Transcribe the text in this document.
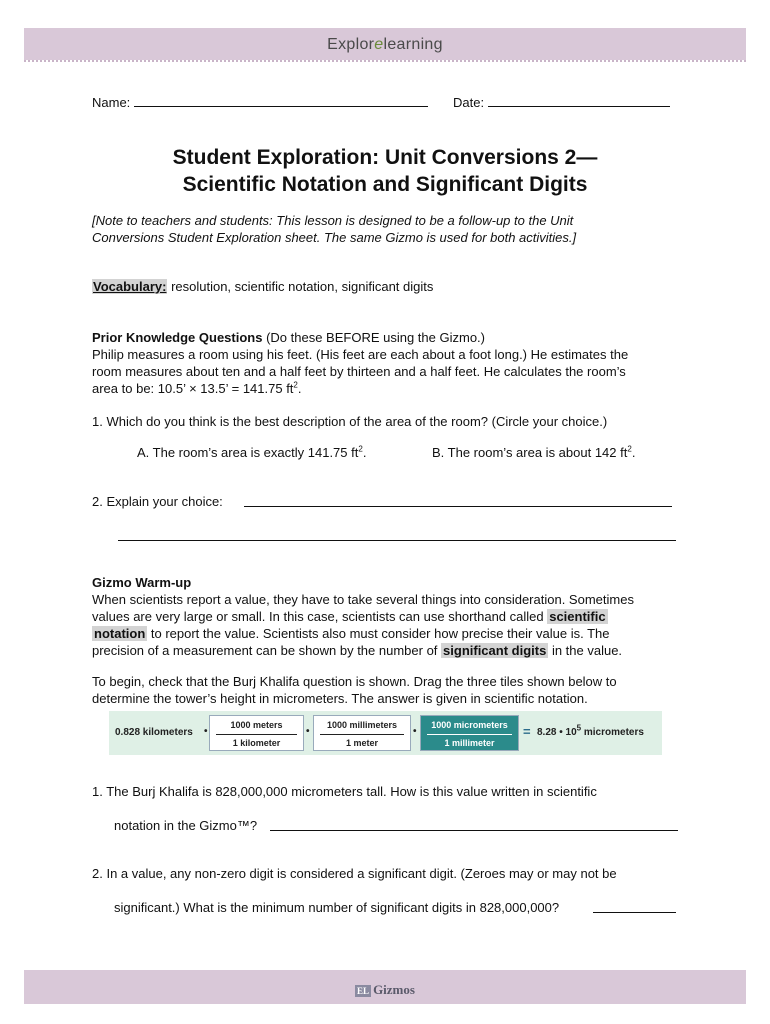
Explorelearning
Name:	Date:
Student Exploration: Unit Conversions 2—
Scientific Notation and Significant Digits
[Note to teachers and students: This lesson is designed to be a follow-up to the Unit
Conversions Student Exploration sheet. The same Gizmo is used for both activities.]
Vocabulary: resolution, scientific notation, significant digits
Prior Knowledge Questions (Do these BEFORE using the Gizmo.)
Philip measures a room using his feet. (His feet are each about a foot long.) He estimates the
room measures about ten and a half feet by thirteen and a half feet. He calculates the room’s
area to be: 10.5’ × 13.5’ = 141.75 $ft^2$.
1. Which do you think is the best description of the area of the room? (Circle your choice.)
A. The room’s area is exactly 141.75 $ft^2$.	B. The room’s area is about 142 $ft^2$.
2. Explain your choice:
Gizmo Warm-up
When scientists report a value, they have to take several things into consideration. Sometimes
values are very large or small. In this case, scientists can use shorthand called scientific
notation to report the value. Scientists also must consider how precise their value is. The
precision of a measurement can be shown by the number of significant digits in the value.
To begin, check that the Burj Khalifa question is shown. Drag the three tiles shown below to
determine the tower’s height in micrometers. The answer is given in scientific notation.
0.828 kilometers •
1000 meters
1 kilometer
•
1000 millimeters
1 meter
•
1000 micrometers
1 millimeter
= 8.28 • $10^5$ micrometers
1. The Burj Khalifa is 828,000,000 micrometers tall. How is this value written in scientific
notation in the Gizmo™?
2. In a value, any non-zero digit is considered a significant digit. (Zeroes may or may not be
significant.) What is the minimum number of significant digits in 828,000,000?
EL Gizmos
